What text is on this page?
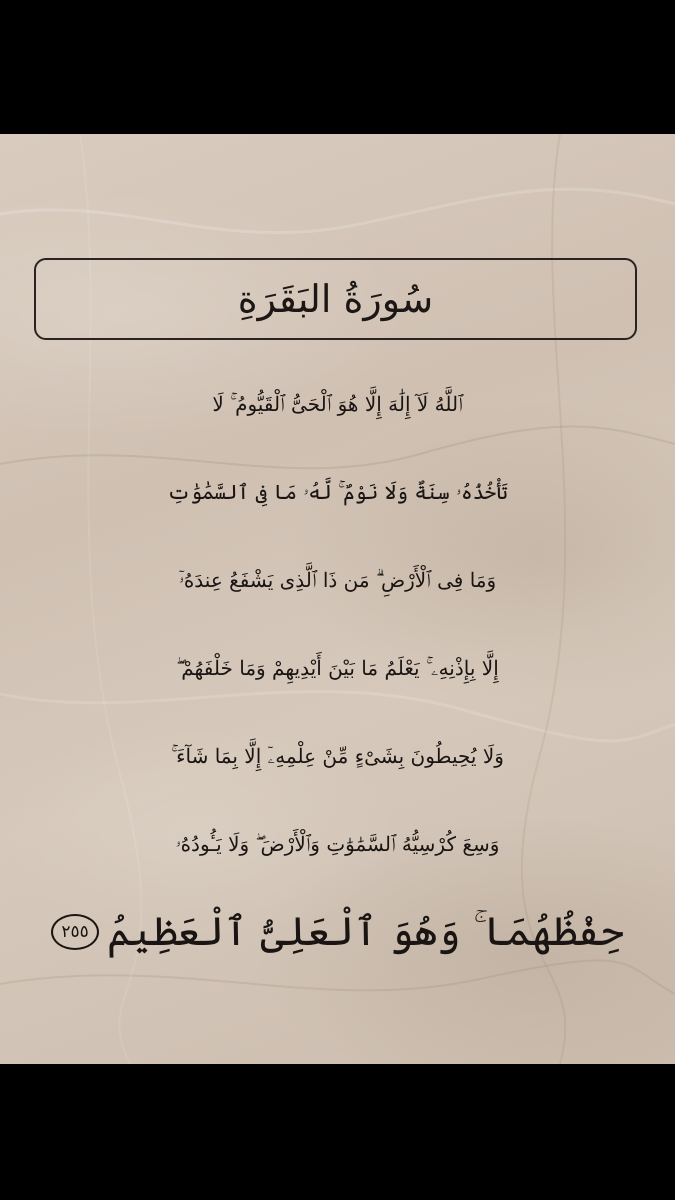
سُورَةُ البَقَرَةِ
ٱللَّهُ لَآ إِلَٰهَ إِلَّا هُوَ ٱلْحَىُّ ٱلْقَيُّومُ ۚ لَا
تَأْخُذُهُۥ سِنَةٌ وَلَا نَوْمٌ ۚ لَّهُۥ مَا فِى ٱلسَّمَٰوَٰتِ
وَمَا فِى ٱلْأَرْضِ ۗ مَن ذَا ٱلَّذِى يَشْفَعُ عِندَهُۥٓ
إِلَّا بِإِذْنِهِۦ ۚ يَعْلَمُ مَا بَيْنَ أَيْدِيهِمْ وَمَا خَلْفَهُمْ ۖ
وَلَا يُحِيطُونَ بِشَىْءٍ مِّنْ عِلْمِهِۦٓ إِلَّا بِمَا شَآءَ ۚ
وَسِعَ كُرْسِيُّهُ ٱلسَّمَٰوَٰتِ وَٱلْأَرْضَ ۖ وَلَا يَـُٔودُهُۥ
حِفْظُهُمَا ۚ وَهُوَ ٱلْعَلِىُّ ٱلْعَظِيمُ
٢٥٥
